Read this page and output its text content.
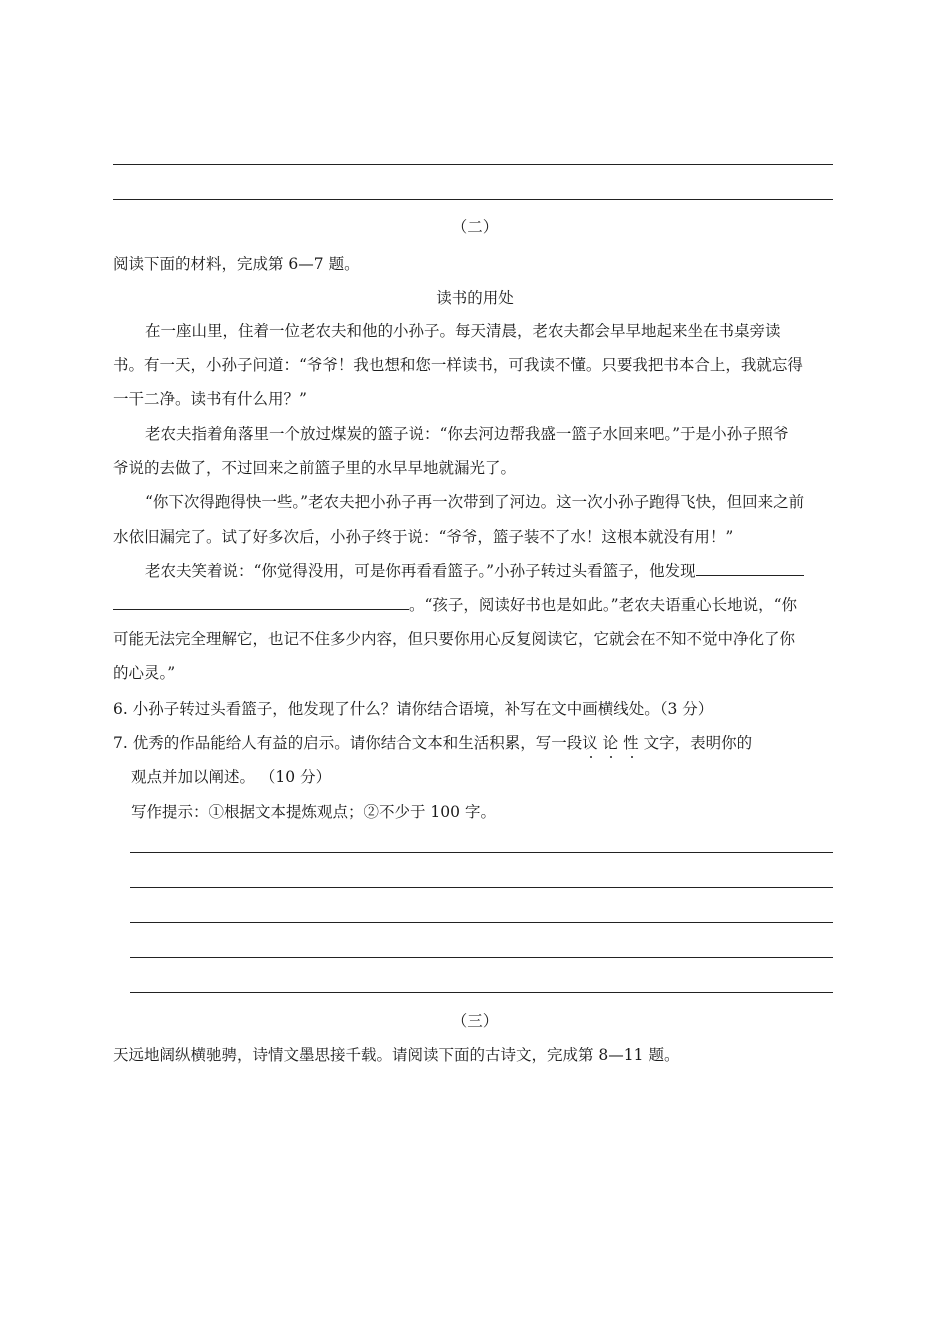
（二）
阅读下面的材料，完成第 6—7 题。
读书的用处
在一座山里，住着一位老农夫和他的小孙子。每天清晨，老农夫都会早早地起来坐在书桌旁读
书。有一天，小孙子问道：“爷爷！我也想和您一样读书，可我读不懂。只要我把书本合上，我就忘得
一干二净。读书有什么用？”
老农夫指着角落里一个放过煤炭的篮子说：“你去河边帮我盛一篮子水回来吧。”于是小孙子照爷
爷说的去做了，不过回来之前篮子里的水早早地就漏光了。
“你下次得跑得快一些。”老农夫把小孙子再一次带到了河边。这一次小孙子跑得飞快，但回来之前
水依旧漏完了。试了好多次后，小孙子终于说：“爷爷，篮子装不了水！这根本就没有用！”
老农夫笑着说：“你觉得没用，可是你再看看篮子。”小孙子转过头看篮子，他发现
。“孩子，阅读好书也是如此。”老农夫语重心长地说，“你
可能无法完全理解它，也记不住多少内容，但只要你用心反复阅读它，它就会在不知不觉中净化了你
的心灵。”
6. 小孙子转过头看篮子，他发现了什么？请你结合语境，补写在文中画横线处。（3 分）
7. 优秀的作品能给人有益的启示。请你结合文本和生活积累，写一段议 论 性 文字，表明你的
观点并加以阐述。 （10 分）
写作提示：①根据文本提炼观点；②不少于 100 字。
（三）
天远地阔纵横驰骋，诗情文墨思接千载。请阅读下面的古诗文，完成第 8—11 题。
